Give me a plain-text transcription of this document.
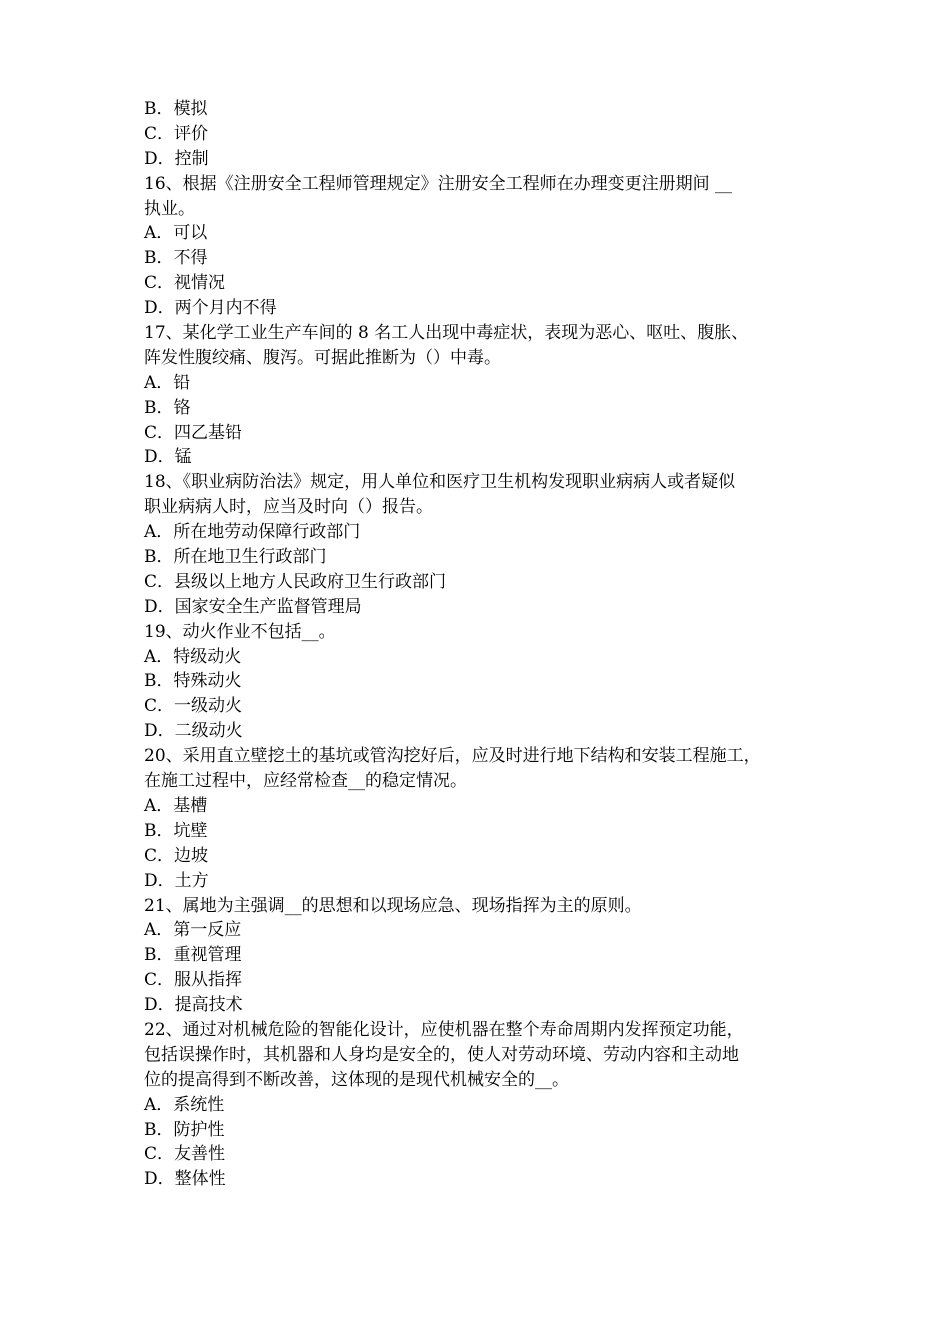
B．模拟
C．评价
D．控制
16、根据《注册安全工程师管理规定》注册安全工程师在办理变更注册期间 __
执业。
A．可以
B．不得
C．视情况
D．两个月内不得
17、某化学工业生产车间的 8 名工人出现中毒症状，表现为恶心、呕吐、腹胀、
阵发性腹绞痛、腹泻。可据此推断为（）中毒。
A．铅
B．铬
C．四乙基铅
D．锰
18、《职业病防治法》规定，用人单位和医疗卫生机构发现职业病病人或者疑似
职业病病人时，应当及时向（）报告。
A．所在地劳动保障行政部门
B．所在地卫生行政部门
C．县级以上地方人民政府卫生行政部门
D．国家安全生产监督管理局
19、动火作业不包括__。
A．特级动火
B．特殊动火
C．一级动火
D．二级动火
20、采用直立壁挖土的基坑或管沟挖好后，应及时进行地下结构和安装工程施工，
在施工过程中，应经常检查__的稳定情况。
A．基槽
B．坑壁
C．边坡
D．土方
21、属地为主强调__的思想和以现场应急、现场指挥为主的原则。
A．第一反应
B．重视管理
C．服从指挥
D．提高技术
22、通过对机械危险的智能化设计，应使机器在整个寿命周期内发挥预定功能，
包括误操作时，其机器和人身均是安全的，使人对劳动环境、劳动内容和主动地
位的提高得到不断改善，这体现的是现代机械安全的__。
A．系统性
B．防护性
C．友善性
D．整体性
